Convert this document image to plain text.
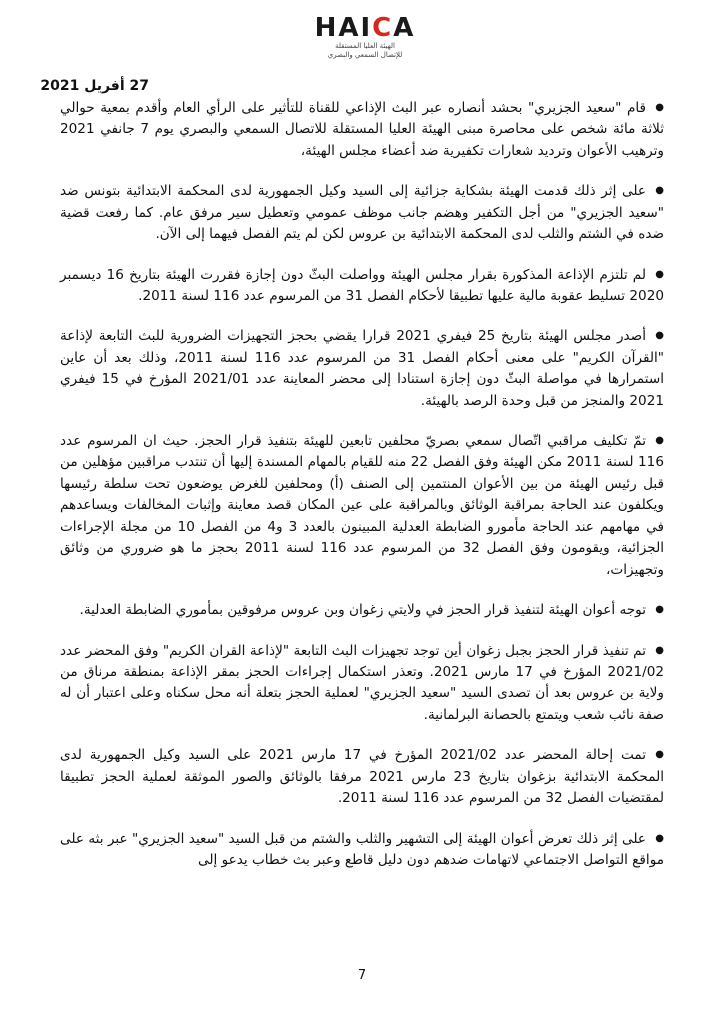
HAICA
الهيئة العليا المستقلة
للإتصال السمعي والبصري
27 أفريل 2021

●قام "سعيد الجزيري" بحشد أنصاره عبر البث الإذاعي للقناة للتأثير على الرأي العام وأقدم بمعية حوالي ثلاثة مائة شخص على محاصرة مبنى الهيئة العليا المستقلة للاتصال السمعي والبصري يوم 7 جانفي 2021 وترهيب الأعوان وترديد شعارات تكفيرية ضد أعضاء مجلس الهيئة،

●على إثر ذلك قدمت الهيئة بشكاية جزائية إلى السيد وكيل الجمهورية لدى المحكمة الابتدائية بتونس ضد "سعيد الجزيري" من أجل التكفير وهضم جانب موظف عمومي وتعطيل سير مرفق عام. كما رفعت قضية ضده في الشتم والثلب لدى المحكمة الابتدائية بن عروس لكن لم يتم الفصل فيهما إلى الآن.

●لم تلتزم الإذاعة المذكورة بقرار مجلس الهيئة وواصلت البثّ دون إجازة فقررت الهيئة بتاريخ 16 ديسمبر 2020 تسليط عقوبة مالية عليها تطبيقا لأحكام الفصل 31 من المرسوم عدد 116 لسنة 2011.

●أصدر مجلس الهيئة بتاريخ 25 فيفري 2021 قرارا يقضي بحجز التجهيزات الضرورية للبث التابعة لإذاعة "القرآن الكريم" على معنى أحكام الفصل 31 من المرسوم عدد 116 لسنة 2011، وذلك بعد أن عاين استمرارها في مواصلة البثّ دون إجازة استنادا إلى محضر المعاينة عدد 2021/01 المؤرخ في 15 فيفري 2021 والمنجز من قبل وحدة الرصد بالهيئة.

●تمّ تكليف مراقبي اتّصال سمعي بصريّ محلفين تابعين للهيئة بتنفيذ قرار الحجز. حيث ان المرسوم عدد 116 لسنة 2011 مكن الهيئة وفق الفصل 22 منه للقيام بالمهام المسندة إليها أن تنتدب مراقبين مؤهلين من قبل رئيس الهيئة من بين الأعوان المنتمين إلى الصنف (أ) ومحلفين للغرض يوضعون تحت سلطة رئيسها ويكلفون عند الحاجة بمراقبة الوثائق وبالمراقبة على عين المكان قصد معاينة وإثبات المخالفات ويساعدهم في مهامهم عند الحاجة مأمورو الضابطة العدلية المبينون بالعدد 3 و4 من الفصل 10 من مجلة الإجراءات الجزائية، ويقومون وفق الفصل 32 من المرسوم عدد 116 لسنة 2011 بحجز ما هو ضروري من وثائق وتجهيزات،

●توجه أعوان الهيئة لتنفيذ قرار الحجز في ولايتي زغوان وبن عروس مرفوقين بمأموري الضابطة العدلية.

●تم تنفيذ قرار الحجز بجبل زغوان أين توجد تجهيزات البث التابعة "لإذاعة القران الكريم" وفق المحضر عدد 2021/02 المؤرخ في 17 مارس 2021. وتعذر استكمال إجراءات الحجز بمقر الإذاعة بمنطقة مرناق من ولاية بن عروس بعد أن تصدى السيد "سعيد الجزيري" لعملية الحجز بتعلة أنه محل سكناه وعلى اعتبار أن له صفة نائب شعب ويتمتع بالحصانة البرلمانية.

●تمت إحالة المحضر عدد 2021/02 المؤرخ في 17 مارس 2021 على السيد وكيل الجمهورية لدى المحكمة الابتدائية بزغوان بتاريخ 23 مارس 2021 مرفقا بالوثائق والصور الموثقة لعملية الحجز تطبيقا لمقتضيات الفصل 32 من المرسوم عدد 116 لسنة 2011.

●على إثر ذلك تعرض أعوان الهيئة إلى التشهير والثلب والشتم من قبل السيد "سعيد الجزيري" عبر بثه على مواقع التواصل الاجتماعي لاتهامات ضدهم دون دليل قاطع وعبر بث خطاب يدعو إلى

7
